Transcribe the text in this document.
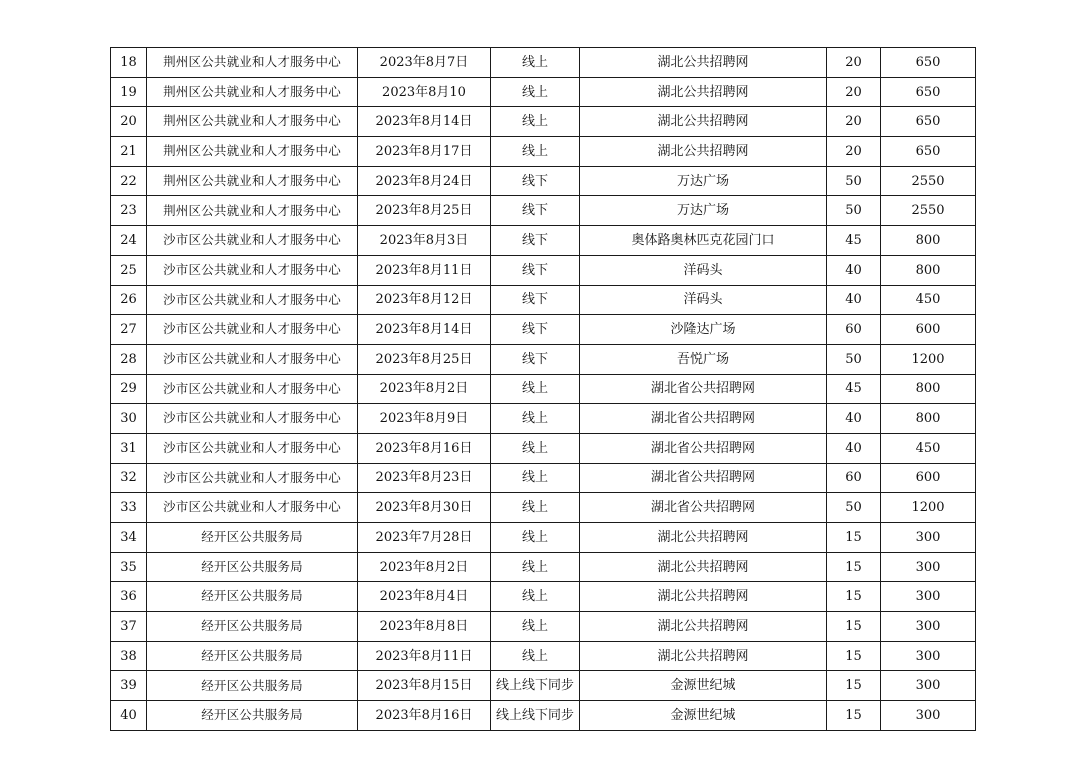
18	荆州区公共就业和人才服务中心	2023年8月7日	线上	湖北公共招聘网	20	650
19	荆州区公共就业和人才服务中心	2023年8月10	线上	湖北公共招聘网	20	650
20	荆州区公共就业和人才服务中心	2023年8月14日	线上	湖北公共招聘网	20	650
21	荆州区公共就业和人才服务中心	2023年8月17日	线上	湖北公共招聘网	20	650
22	荆州区公共就业和人才服务中心	2023年8月24日	线下	万达广场	50	2550
23	荆州区公共就业和人才服务中心	2023年8月25日	线下	万达广场	50	2550
24	沙市区公共就业和人才服务中心	2023年8月3日	线下	奥体路奥林匹克花园门口	45	800
25	沙市区公共就业和人才服务中心	2023年8月11日	线下	洋码头	40	800
26	沙市区公共就业和人才服务中心	2023年8月12日	线下	洋码头	40	450
27	沙市区公共就业和人才服务中心	2023年8月14日	线下	沙隆达广场	60	600
28	沙市区公共就业和人才服务中心	2023年8月25日	线下	吾悦广场	50	1200
29	沙市区公共就业和人才服务中心	2023年8月2日	线上	湖北省公共招聘网	45	800
30	沙市区公共就业和人才服务中心	2023年8月9日	线上	湖北省公共招聘网	40	800
31	沙市区公共就业和人才服务中心	2023年8月16日	线上	湖北省公共招聘网	40	450
32	沙市区公共就业和人才服务中心	2023年8月23日	线上	湖北省公共招聘网	60	600
33	沙市区公共就业和人才服务中心	2023年8月30日	线上	湖北省公共招聘网	50	1200
34	经开区公共服务局	2023年7月28日	线上	湖北公共招聘网	15	300
35	经开区公共服务局	2023年8月2日	线上	湖北公共招聘网	15	300
36	经开区公共服务局	2023年8月4日	线上	湖北公共招聘网	15	300
37	经开区公共服务局	2023年8月8日	线上	湖北公共招聘网	15	300
38	经开区公共服务局	2023年8月11日	线上	湖北公共招聘网	15	300
39	经开区公共服务局	2023年8月15日	线上线下同步	金源世纪城	15	300
40	经开区公共服务局	2023年8月16日	线上线下同步	金源世纪城	15	300
